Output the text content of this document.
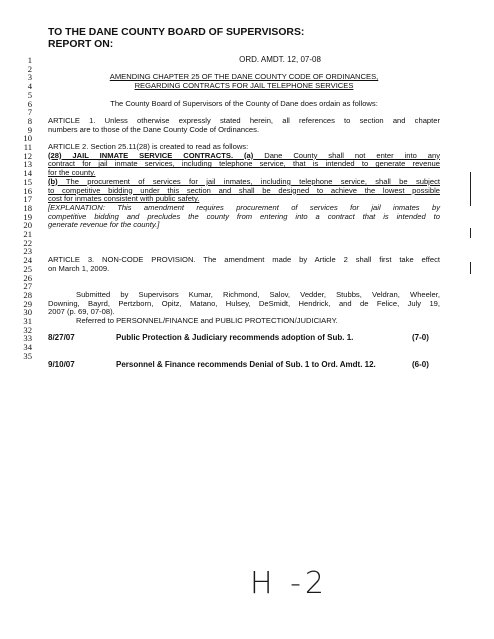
TO THE DANE COUNTY BOARD OF SUPERVISORS:
REPORT ON:
1
2
3
4
5
6
7
8
9
10
11
12
13
14
15
16
17
18
19
20
21
22
23
24
25
26
27
28
29
30
31
32
33
34
35
ORD. AMDT. 12, 07-08
AMENDING CHAPTER 25 OF THE DANE COUNTY CODE OF ORDINANCES,
REGARDING CONTRACTS FOR JAIL TELEPHONE SERVICES
The County Board of Supervisors of the County of Dane does ordain as follows:
ARTICLE 1. Unless otherwise expressly stated herein, all references to section and chapter
numbers are to those of the Dane County Code of Ordinances.
ARTICLE 2. Section 25.11(28) is created to read as follows:
(28) JAIL INMATE SERVICE CONTRACTS. (a) Dane County shall not enter into any
contract for jail inmate services, including telephone service, that is intended to generate revenue
for the county.
(b) The procurement of services for jail inmates, including telephone service, shall be subject
to competitive bidding under this section and shall be designed to achieve the lowest possible
cost for inmates consistent with public safety.
[EXPLANATION: This amendment requires procurement of services for jail inmates by
competitive bidding and precludes the county from entering into a contract that is intended to
generate revenue for the county.]
ARTICLE 3. NON-CODE PROVISION. The amendment made by Article 2 shall first take effect
on March 1, 2009.
Submitted by Supervisors Kumar, Richmond, Salov, Vedder, Stubbs, Veldran, Wheeler,
Downing, Bayrd, Pertzborn, Opitz, Matano, Hulsey, DeSmidt, Hendrick, and de Felice, July 19,
2007 (p. 69, 07-08).
Referred to PERSONNEL/FINANCE and PUBLIC PROTECTION/JUDICIARY.
8/27/07	Public Protection & Judiciary recommends adoption of Sub. 1.	(7-0)
9/10/07	Personnel & Finance recommends Denial of Sub. 1 to Ord. Amdt. 12.	(6-0)
H -2
